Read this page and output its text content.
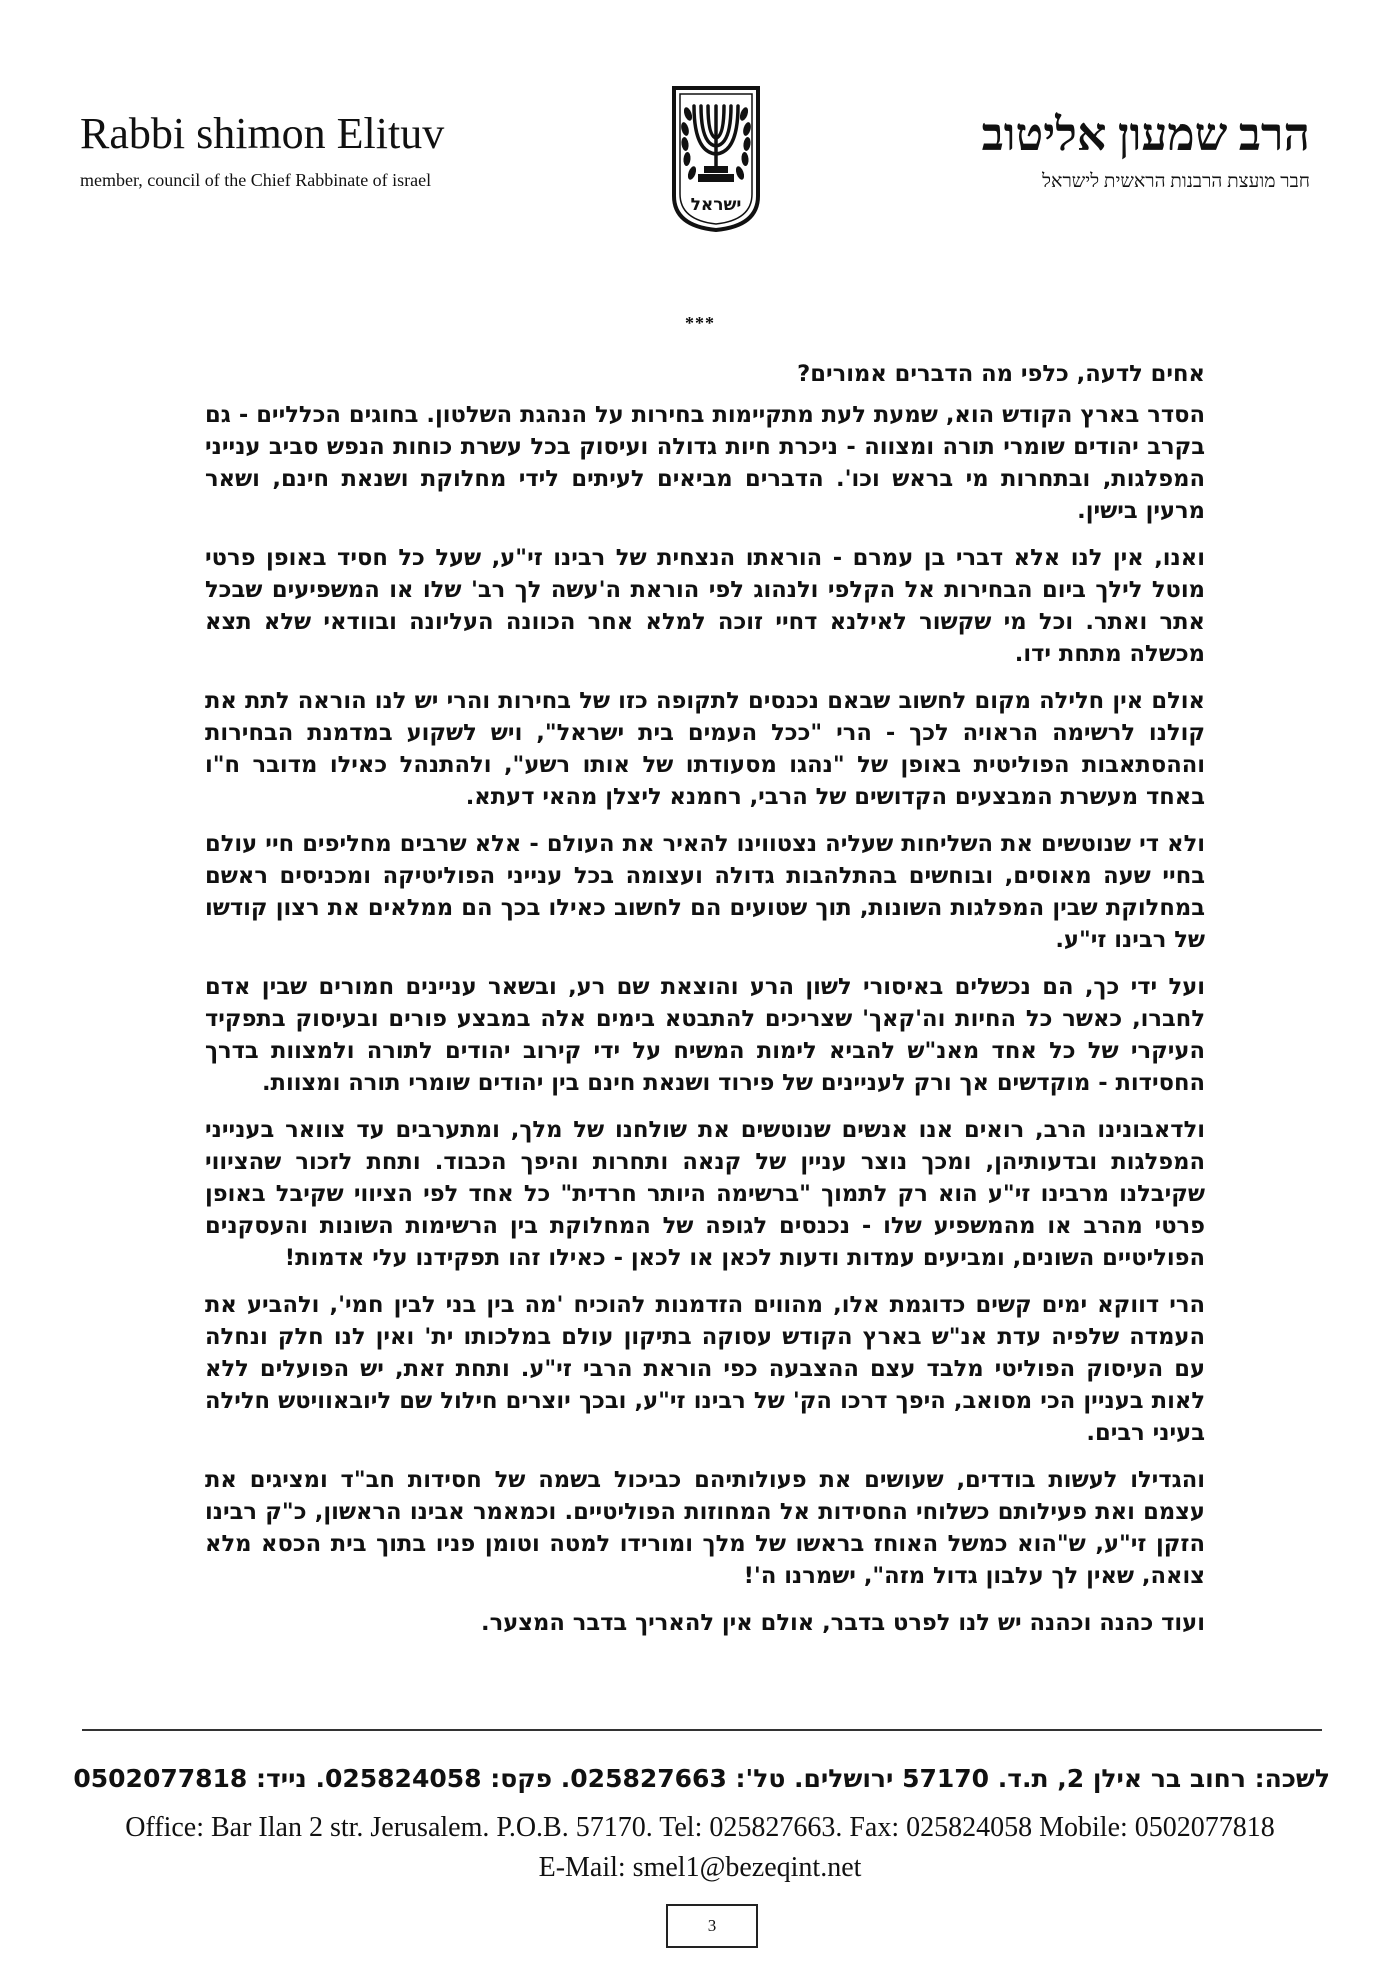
Rabbi shimon Elituv
member, council of the Chief Rabbinate of israel
ישראל
הרב שמעון אליטוב
חבר מועצת הרבנות הראשית לישראל
***

אחים לדעה, כלפי מה הדברים אמורים?

הסדר בארץ הקודש הוא, שמעת לעת מתקיימות בחירות על הנהגת השלטון. בחוגים הכלליים - גם בקרב יהודים שומרי תורה ומצווה - ניכרת חיות גדולה ועיסוק בכל עשרת כוחות הנפש סביב ענייני המפלגות, ובתחרות מי בראש וכו'. הדברים מביאים לעיתים לידי מחלוקת ושנאת חינם, ושאר מרעין בישין.

ואנו, אין לנו אלא דברי בן עמרם - הוראתו הנצחית של רבינו זי"ע, שעל כל חסיד באופן פרטי מוטל לילך ביום הבחירות אל הקלפי ולנהוג לפי הוראת ה'עשה לך רב' שלו או המשפיעים שבכל אתר ואתר. וכל מי שקשור לאילנא דחיי זוכה למלא אחר הכוונה העליונה ובוודאי שלא תצא מכשלה מתחת ידו.

אולם אין חלילה מקום לחשוב שבאם נכנסים לתקופה כזו של בחירות והרי יש לנו הוראה לתת את קולנו לרשימה הראויה לכך - הרי "ככל העמים בית ישראל", ויש לשקוע במדמנת הבחירות וההסתאבות הפוליטית באופן של "נהגו מסעודתו של אותו רשע", ולהתנהל כאילו מדובר ח"ו באחד מעשרת המבצעים הקדושים של הרבי, רחמנא ליצלן מהאי דעתא.

ולא די שנוטשים את השליחות שעליה נצטווינו להאיר את העולם - אלא שרבים מחליפים חיי עולם בחיי שעה מאוסים, ובוחשים בהתלהבות גדולה ועצומה בכל ענייני הפוליטיקה ומכניסים ראשם במחלוקת שבין המפלגות השונות, תוך שטועים הם לחשוב כאילו בכך הם ממלאים את רצון קודשו של רבינו זי"ע.

ועל ידי כך, הם נכשלים באיסורי לשון הרע והוצאת שם רע, ובשאר עניינים חמורים שבין אדם לחברו, כאשר כל החיות וה'קאך' שצריכים להתבטא בימים אלה במבצע פורים ובעיסוק בתפקיד העיקרי של כל אחד מאנ"ש להביא לימות המשיח על ידי קירוב יהודים לתורה ולמצוות בדרך החסידות - מוקדשים אך ורק לעניינים של פירוד ושנאת חינם בין יהודים שומרי תורה ומצוות.

ולדאבונינו הרב, רואים אנו אנשים שנוטשים את שולחנו של מלך, ומתערבים עד צוואר בענייני המפלגות ובדעותיהן, ומכך נוצר עניין של קנאה ותחרות והיפך הכבוד. ותחת לזכור שהציווי שקיבלנו מרבינו זי"ע הוא רק לתמוך "ברשימה היותר חרדית" כל אחד לפי הציווי שקיבל באופן פרטי מהרב או מהמשפיע שלו - נכנסים לגופה של המחלוקת בין הרשימות השונות והעסקנים הפוליטיים השונים, ומביעים עמדות ודעות לכאן או לכאן - כאילו זהו תפקידנו עלי אדמות!

הרי דווקא ימים קשים כדוגמת אלו, מהווים הזדמנות להוכיח 'מה בין בני לבין חמי', ולהביע את העמדה שלפיה עדת אנ"ש בארץ הקודש עסוקה בתיקון עולם במלכותו ית' ואין לנו חלק ונחלה עם העיסוק הפוליטי מלבד עצם ההצבעה כפי הוראת הרבי זי"ע. ותחת זאת, יש הפועלים ללא לאות בעניין הכי מסואב, היפך דרכו הק' של רבינו זי"ע, ובכך יוצרים חילול שם ליובאוויטש חלילה בעיני רבים.

והגדילו לעשות בודדים, שעושים את פעולותיהם כביכול בשמה של חסידות חב"ד ומציגים את עצמם ואת פעילותם כשלוחי החסידות אל המחוזות הפוליטיים. וכמאמר אבינו הראשון, כ"ק רבינו הזקן זי"ע, ש"הוא כמשל האוחז בראשו של מלך ומורידו למטה וטומן פניו בתוך בית הכסא מלא צואה, שאין לך עלבון גדול מזה", ישמרנו ה'!

ועוד כהנה וכהנה יש לנו לפרט בדבר, אולם אין להאריך בדבר המצער.

לשכה: רחוב בר אילן 2, ת.ד. 57170 ירושלים. טל': 025827663. פקס: 025824058. נייד: 0502077818
Office: Bar Ilan 2 str. Jerusalem. P.O.B. 57170. Tel: 025827663. Fax: 025824058 Mobile: 0502077818
E-Mail: smel1@bezeqint.net
3
